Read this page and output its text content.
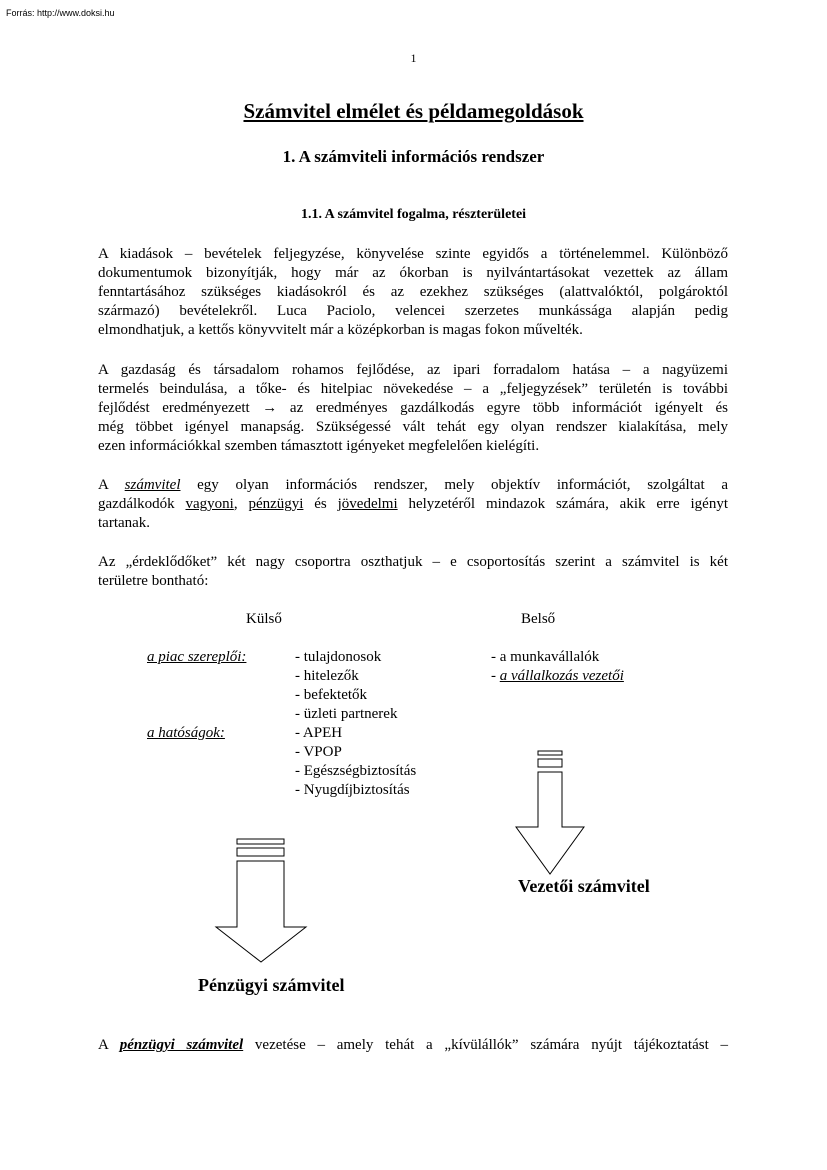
Forrás: http://www.doksi.hu
1
Számvitel elmélet és példamegoldások
1. A számviteli információs rendszer
1.1. A számvitel fogalma, részterületei
A kiadások – bevételek feljegyzése, könyvelése szinte egyidős a történelemmel. Különböző
dokumentumok bizonyítják, hogy már az ókorban is nyilvántartásokat vezettek az állam
fenntartásához szükséges kiadásokról és az ezekhez szükséges (alattvalóktól, polgároktól
származó) bevételekről. Luca Paciolo, velencei szerzetes munkássága alapján pedig
elmondhatjuk, a kettős könyvvitelt már a középkorban is magas fokon művelték.
A gazdaság és társadalom rohamos fejlődése, az ipari forradalom hatása – a nagyüzemi
termelés beindulása, a tőke- és hitelpiac növekedése – a „feljegyzések” területén is további
fejlődést eredményezett → az eredményes gazdálkodás egyre több információt igényelt és
még többet igényel manapság. Szükségessé vált tehát egy olyan rendszer kialakítása, mely
ezen információkkal szemben támasztott igényeket megfelelően kielégíti.
A számvitel egy olyan információs rendszer, mely objektív információt, szolgáltat a
gazdálkodók vagyoni, pénzügyi és jövedelmi helyzetéről mindazok számára, akik erre igényt
tartanak.
Az „érdeklődőket” két nagy csoportra oszthatjuk – e csoportosítás szerint a számvitel is két
területre bontható:
Külső	Belső
a piac szereplői:
a hatóságok:
- tulajdonosok
- hitelezők
- befektetők
- üzleti partnerek
- APEH
- VPOP
- Egészségbiztosítás
- Nyugdíjbiztosítás
- a munkavállalók
- a vállalkozás vezetői
Vezetői számvitel
Pénzügyi számvitel
A pénzügyi számvitel vezetése – amely tehát a „kívülállók” számára nyújt tájékoztatást –
